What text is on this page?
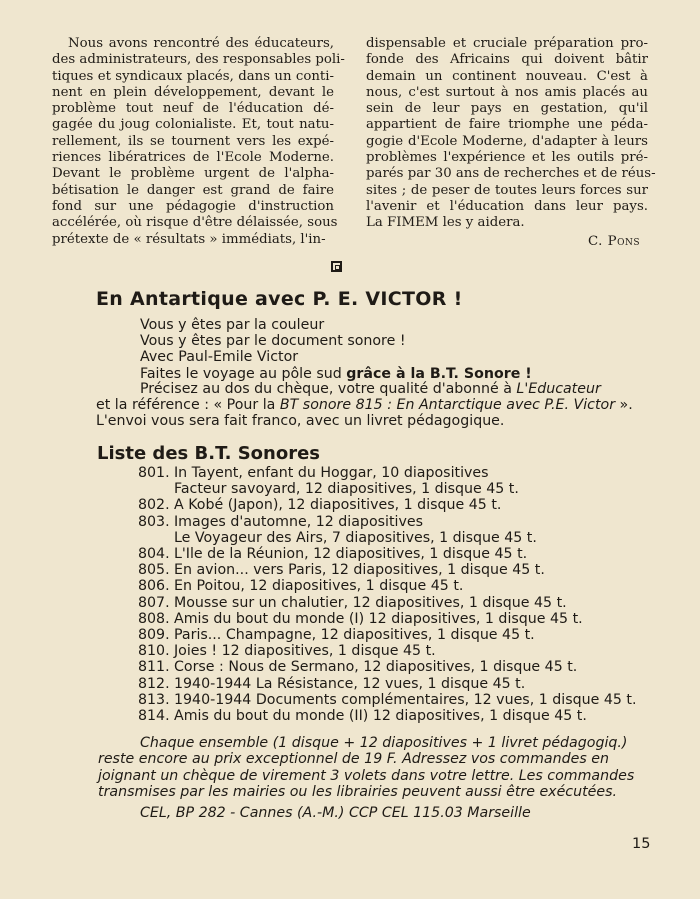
Nous avons rencontré des éducateurs,
des administrateurs, des responsables poli-
tiques et syndicaux placés, dans un conti-
nent en plein développement, devant le
problème tout neuf de l'éducation dé-
gagée du joug colonialiste. Et, tout natu-
rellement, ils se tournent vers les expé-
riences libératrices de l'Ecole Moderne.
Devant le problème urgent de l'alpha-
bétisation le danger est grand de faire
fond sur une pédagogie d'instruction
accélérée, où risque d'être délaissée, sous
prétexte de « résultats » immédiats, l'in-
dispensable et cruciale préparation pro-
fonde des Africains qui doivent bâtir
demain un continent nouveau. C'est à
nous, c'est surtout à nos amis placés au
sein de leur pays en gestation, qu'il
appartient de faire triomphe une péda-
gogie d'Ecole Moderne, d'adapter à leurs
problèmes l'expérience et les outils pré-
parés par 30 ans de recherches et de réus-
sites ; de peser de toutes leurs forces sur
l'avenir et l'éducation dans leur pays.
La FIMEM les y aidera.
C. Pons
En Antartique avec P. E. VICTOR !
Vous y êtes par la couleur
Vous y êtes par le document sonore !
Avec Paul-Emile Victor
Faites le voyage au pôle sud grâce à la B.T. Sonore !
Précisez au dos du chèque, votre qualité d'abonné à L'Educateur
et la référence : « Pour la BT sonore 815 : En Antarctique avec P.E. Victor ».
L'envoi vous sera fait franco, avec un livret pédagogique.
Liste des B.T. Sonores
801. In Tayent, enfant du Hoggar, 10 diapositives
Facteur savoyard, 12 diapositives, 1 disque 45 t.
802. A Kobé (Japon), 12 diapositives, 1 disque 45 t.
803. Images d'automne, 12 diapositives
Le Voyageur des Airs, 7 diapositives, 1 disque 45 t.
804. L'Ile de la Réunion, 12 diapositives, 1 disque 45 t.
805. En avion... vers Paris, 12 diapositives, 1 disque 45 t.
806. En Poitou, 12 diapositives, 1 disque 45 t.
807. Mousse sur un chalutier, 12 diapositives, 1 disque 45 t.
808. Amis du bout du monde (I) 12 diapositives, 1 disque 45 t.
809. Paris... Champagne, 12 diapositives, 1 disque 45 t.
810. Joies ! 12 diapositives, 1 disque 45 t.
811. Corse : Nous de Sermano, 12 diapositives, 1 disque 45 t.
812. 1940-1944 La Résistance, 12 vues, 1 disque 45 t.
813. 1940-1944 Documents complémentaires, 12 vues, 1 disque 45 t.
814. Amis du bout du monde (II) 12 diapositives, 1 disque 45 t.
Chaque ensemble (1 disque + 12 diapositives + 1 livret pédagogiq.)
reste encore au prix exceptionnel de 19 F. Adressez vos commandes en
joignant un chèque de virement 3 volets dans votre lettre. Les commandes
transmises par les mairies ou les librairies peuvent aussi être exécutées.
CEL, BP 282 - Cannes (A.-M.) CCP CEL 115.03 Marseille
15
